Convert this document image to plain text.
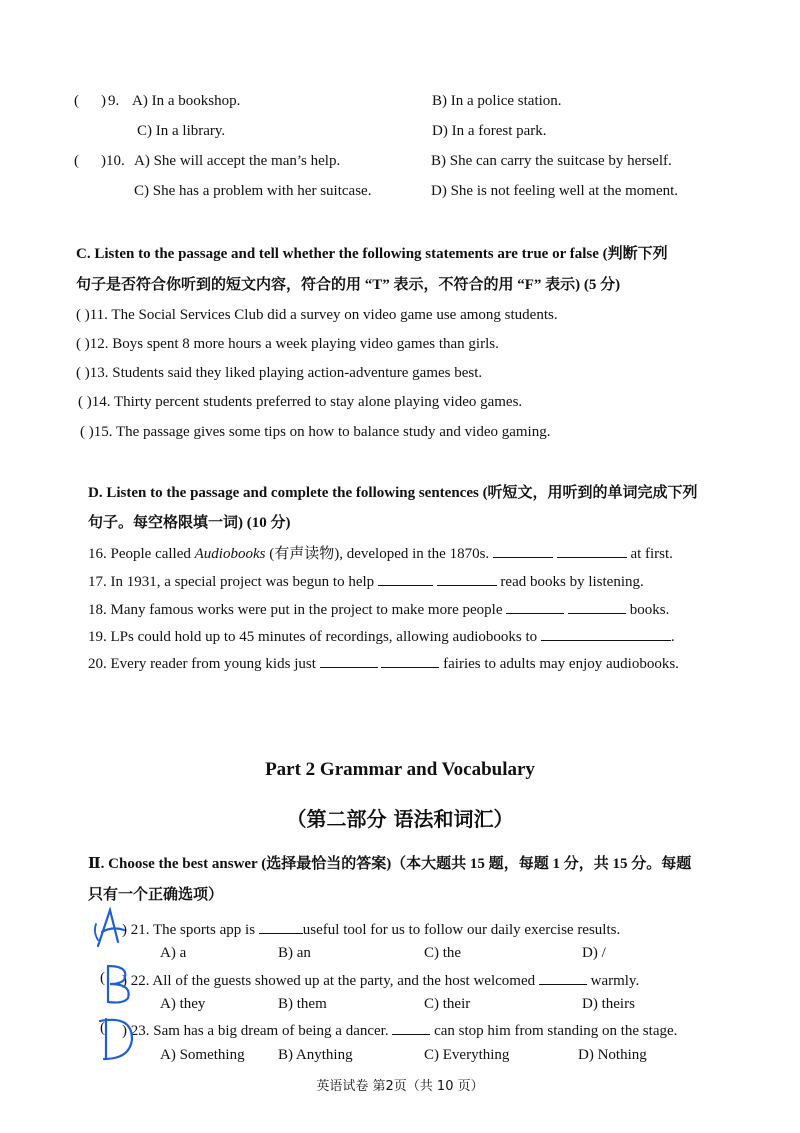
( ) 9. A) In a bookshop.	B) In a police station.
C) In a library.	D) In a forest park.
( ) 10. A) She will accept the man’s help.	B) She can carry the suitcase by herself.
C) She has a problem with her suitcase.	D) She is not feeling well at the moment.
C. Listen to the passage and tell whether the following statements are true or false (判断下列
句子是否符合你听到的短文内容，符合的用 “T” 表示，不符合的用 “F” 表示) (5 分)
( )11. The Social Services Club did a survey on video game use among students.
( )12. Boys spent 8 more hours a week playing video games than girls.
( )13. Students said they liked playing action-adventure games best.
( )14. Thirty percent students preferred to stay alone playing video games.
( )15. The passage gives some tips on how to balance study and video gaming.
D. Listen to the passage and complete the following sentences (听短文，用听到的单词完成下列
句子。每空格限填一词) (10 分)
16. People called Audiobooks (有声读物), developed in the 1870s.	at first.
17. In 1931, a special project was begun to help	read books by listening.
18. Many famous works were put in the project to make more people	books.
19. LPs could hold up to 45 minutes of recordings, allowing audiobooks to	.
20. Every reader from young kids just	fairies to adults may enjoy audiobooks.
Part 2 Grammar and Vocabulary
（第二部分 语法和词汇）
Ⅱ. Choose the best answer (选择最恰当的答案)（本大题共 15 题，每题 1 分，共 15 分。每题
只有一个正确选项）
) 21. The sports app is	useful tool for us to follow our daily exercise results.
A) a	B) an	C) the	D) /
( ) 22. All of the guests showed up at the party, and the host welcomed	warmly.
A) they	B) them	C) their	D) theirs
( ) 23. Sam has a big dream of being a dancer.	can stop him from standing on the stage.
A) Something B) Anything	C) Everything	D) Nothing
英语试卷 第2页（共 10 页）
